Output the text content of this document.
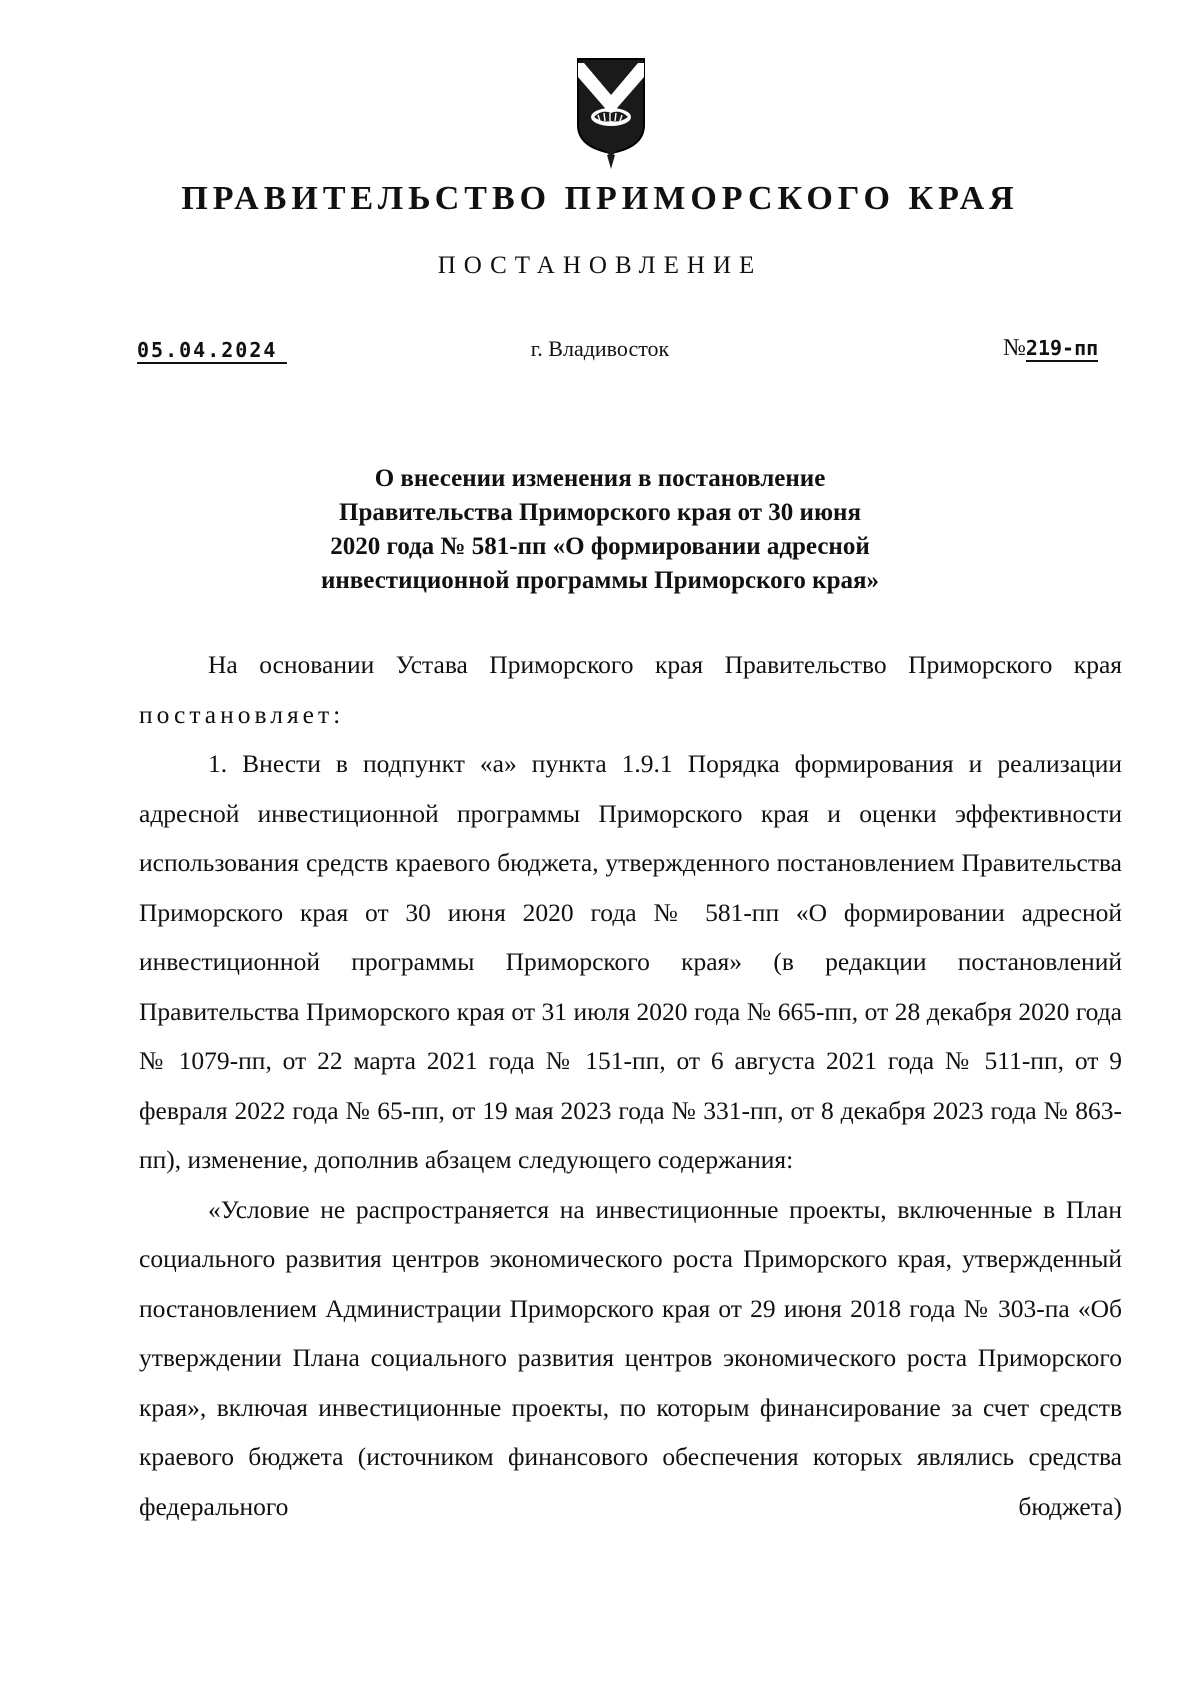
ПРАВИТЕЛЬСТВО ПРИМОРСКОГО КРАЯ
ПОСТАНОВЛЕНИЕ
05.04.2024	г. Владивосток	№219-пп
О внесении изменения в постановление
Правительства Приморского края от 30 июня
2020 года № 581-пп «О формировании адресной
инвестиционной программы Приморского края»

На основании Устава Приморского края Правительство Приморского края постановляет:

1. Внести в подпункт «а» пункта 1.9.1 Порядка формирования и реализации адресной инвестиционной программы Приморского края и оценки эффективности использования средств краевого бюджета, утвержденного постановлением Правительства Приморского края от 30 июня 2020 года № 581-пп «О формировании адресной инвестиционной программы Приморского края» (в редакции постановлений Правительства Приморского края от 31 июля 2020 года № 665-пп, от 28 декабря 2020 года № 1079-пп, от 22 марта 2021 года № 151-пп, от 6 августа 2021 года № 511-пп, от 9 февраля 2022 года № 65-пп, от 19 мая 2023 года № 331-пп, от 8 декабря 2023 года № 863-пп), изменение, дополнив абзацем следующего содержания:

«Условие не распространяется на инвестиционные проекты, включенные в План социального развития центров экономического роста Приморского края, утвержденный постановлением Администрации Приморского края от 29 июня 2018 года № 303-па «Об утверждении Плана социального развития центров экономического роста Приморского края», включая инвестиционные проекты, по которым финансирование за счет средств краевого бюджета (источником финансового обеспечения которых являлись средства федерального бюджета)
